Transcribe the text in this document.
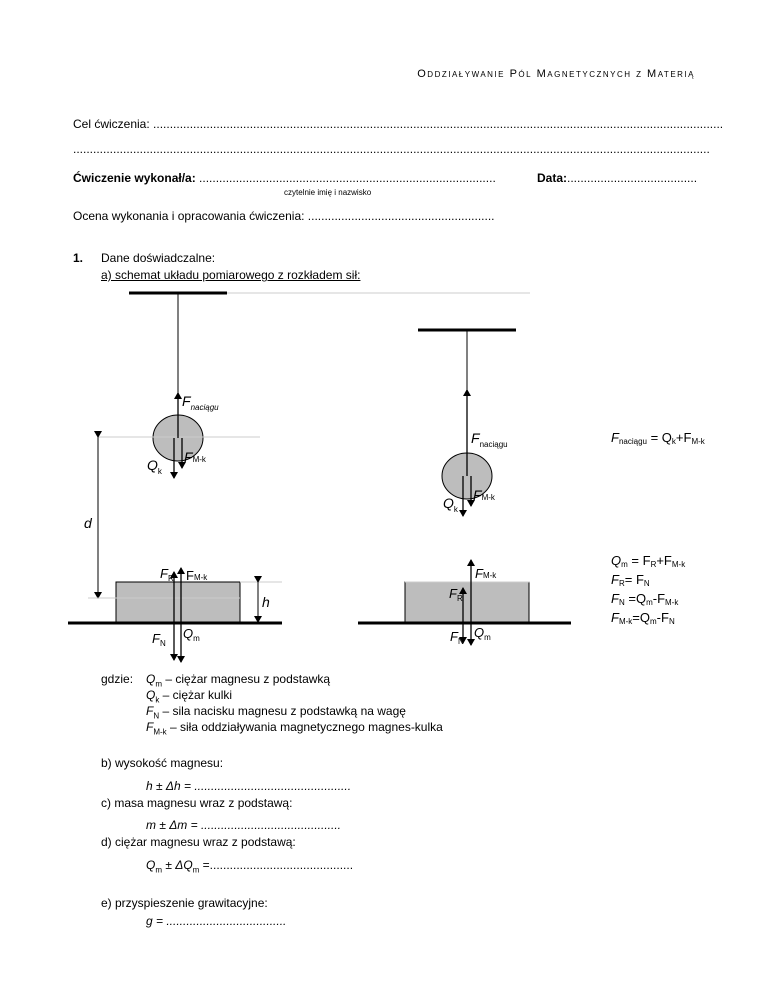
Oddziaływanie Pól Magnetycznych z Materią
Cel ćwiczenia: ...........................................................................................................................................................................
...............................................................................................................................................................................................
Ćwiczenie wykonał/a: .........................................................................................
czytelnie imię i nazwisko
Data:.......................................
Ocena wykonania i opracowania ćwiczenia: ........................................................
1. Dane doświadczalne:
a) schemat układu pomiarowego z rozkładem sił:
$F_{naciągu}$
$Q_k$
FM-k
d
$F_R$ FM-k
h
$F_N$
$Q_m$
$F_{naciągu}$
$Q_k$
FM-k
FM-k
$F_R$
$F_N$
$Q_m$
Fnaciągu = Qk+FM-k
Qm = FR+FM-k
FR= FN
FN =Qm-FM-k
FM-k=Qm-FN
gdzie: $Q_m$ – ciężar magnesu z podstawką
$Q_k$ – ciężar kulki
$F_N$ – sila nacisku magnesu z podstawką na wagę
$F_{M-k}$ – siła oddziaływania magnetycznego magnes-kulka
b) wysokość magnesu:
h ± Δh = ...............................................
c) masa magnesu wraz z podstawą:
m ± Δm = ..........................................
d) ciężar magnesu wraz z podstawą:
$Q_m \pm \Delta Q_m$ =...........................................
e) przyspieszenie grawitacyjne:
g = ....................................
